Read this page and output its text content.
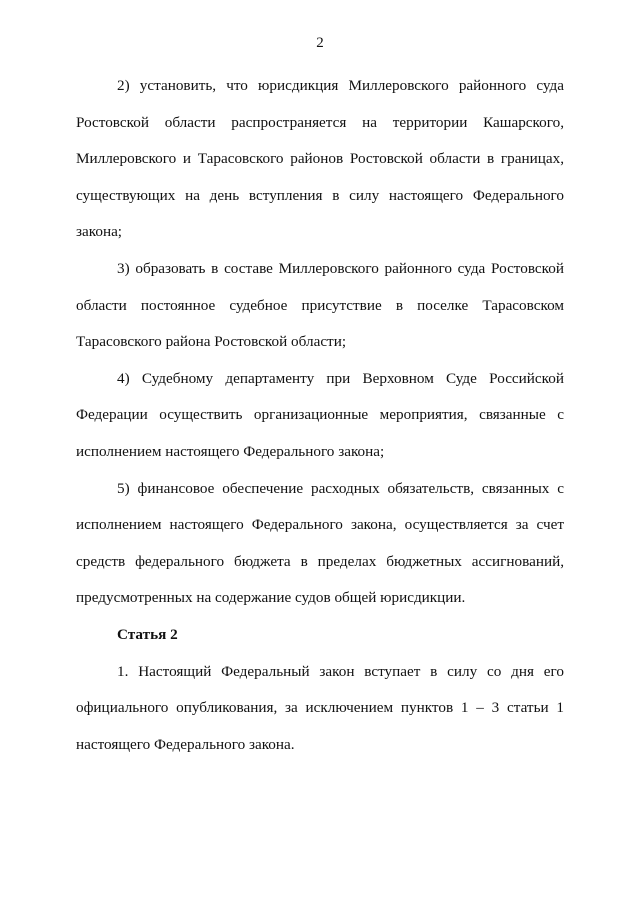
2
2) установить, что юрисдикция Миллеровского районного суда
Ростовской области распространяется на территории Кашарского,
Миллеровского и Тарасовского районов Ростовской области в границах,
существующих на день вступления в силу настоящего Федерального
закона;
3) образовать в составе Миллеровского районного суда Ростовской
области постоянное судебное присутствие в поселке Тарасовском
Тарасовского района Ростовской области;
4) Судебному департаменту при Верховном Суде Российской
Федерации осуществить организационные мероприятия, связанные с
исполнением настоящего Федерального закона;
5) финансовое обеспечение расходных обязательств, связанных с
исполнением настоящего Федерального закона, осуществляется за счет
средств федерального бюджета в пределах бюджетных ассигнований,
предусмотренных на содержание судов общей юрисдикции.
Статья 2
1. Настоящий Федеральный закон вступает в силу со дня его
официального опубликования, за исключением пунктов 1 – 3 статьи 1
настоящего Федерального закона.
